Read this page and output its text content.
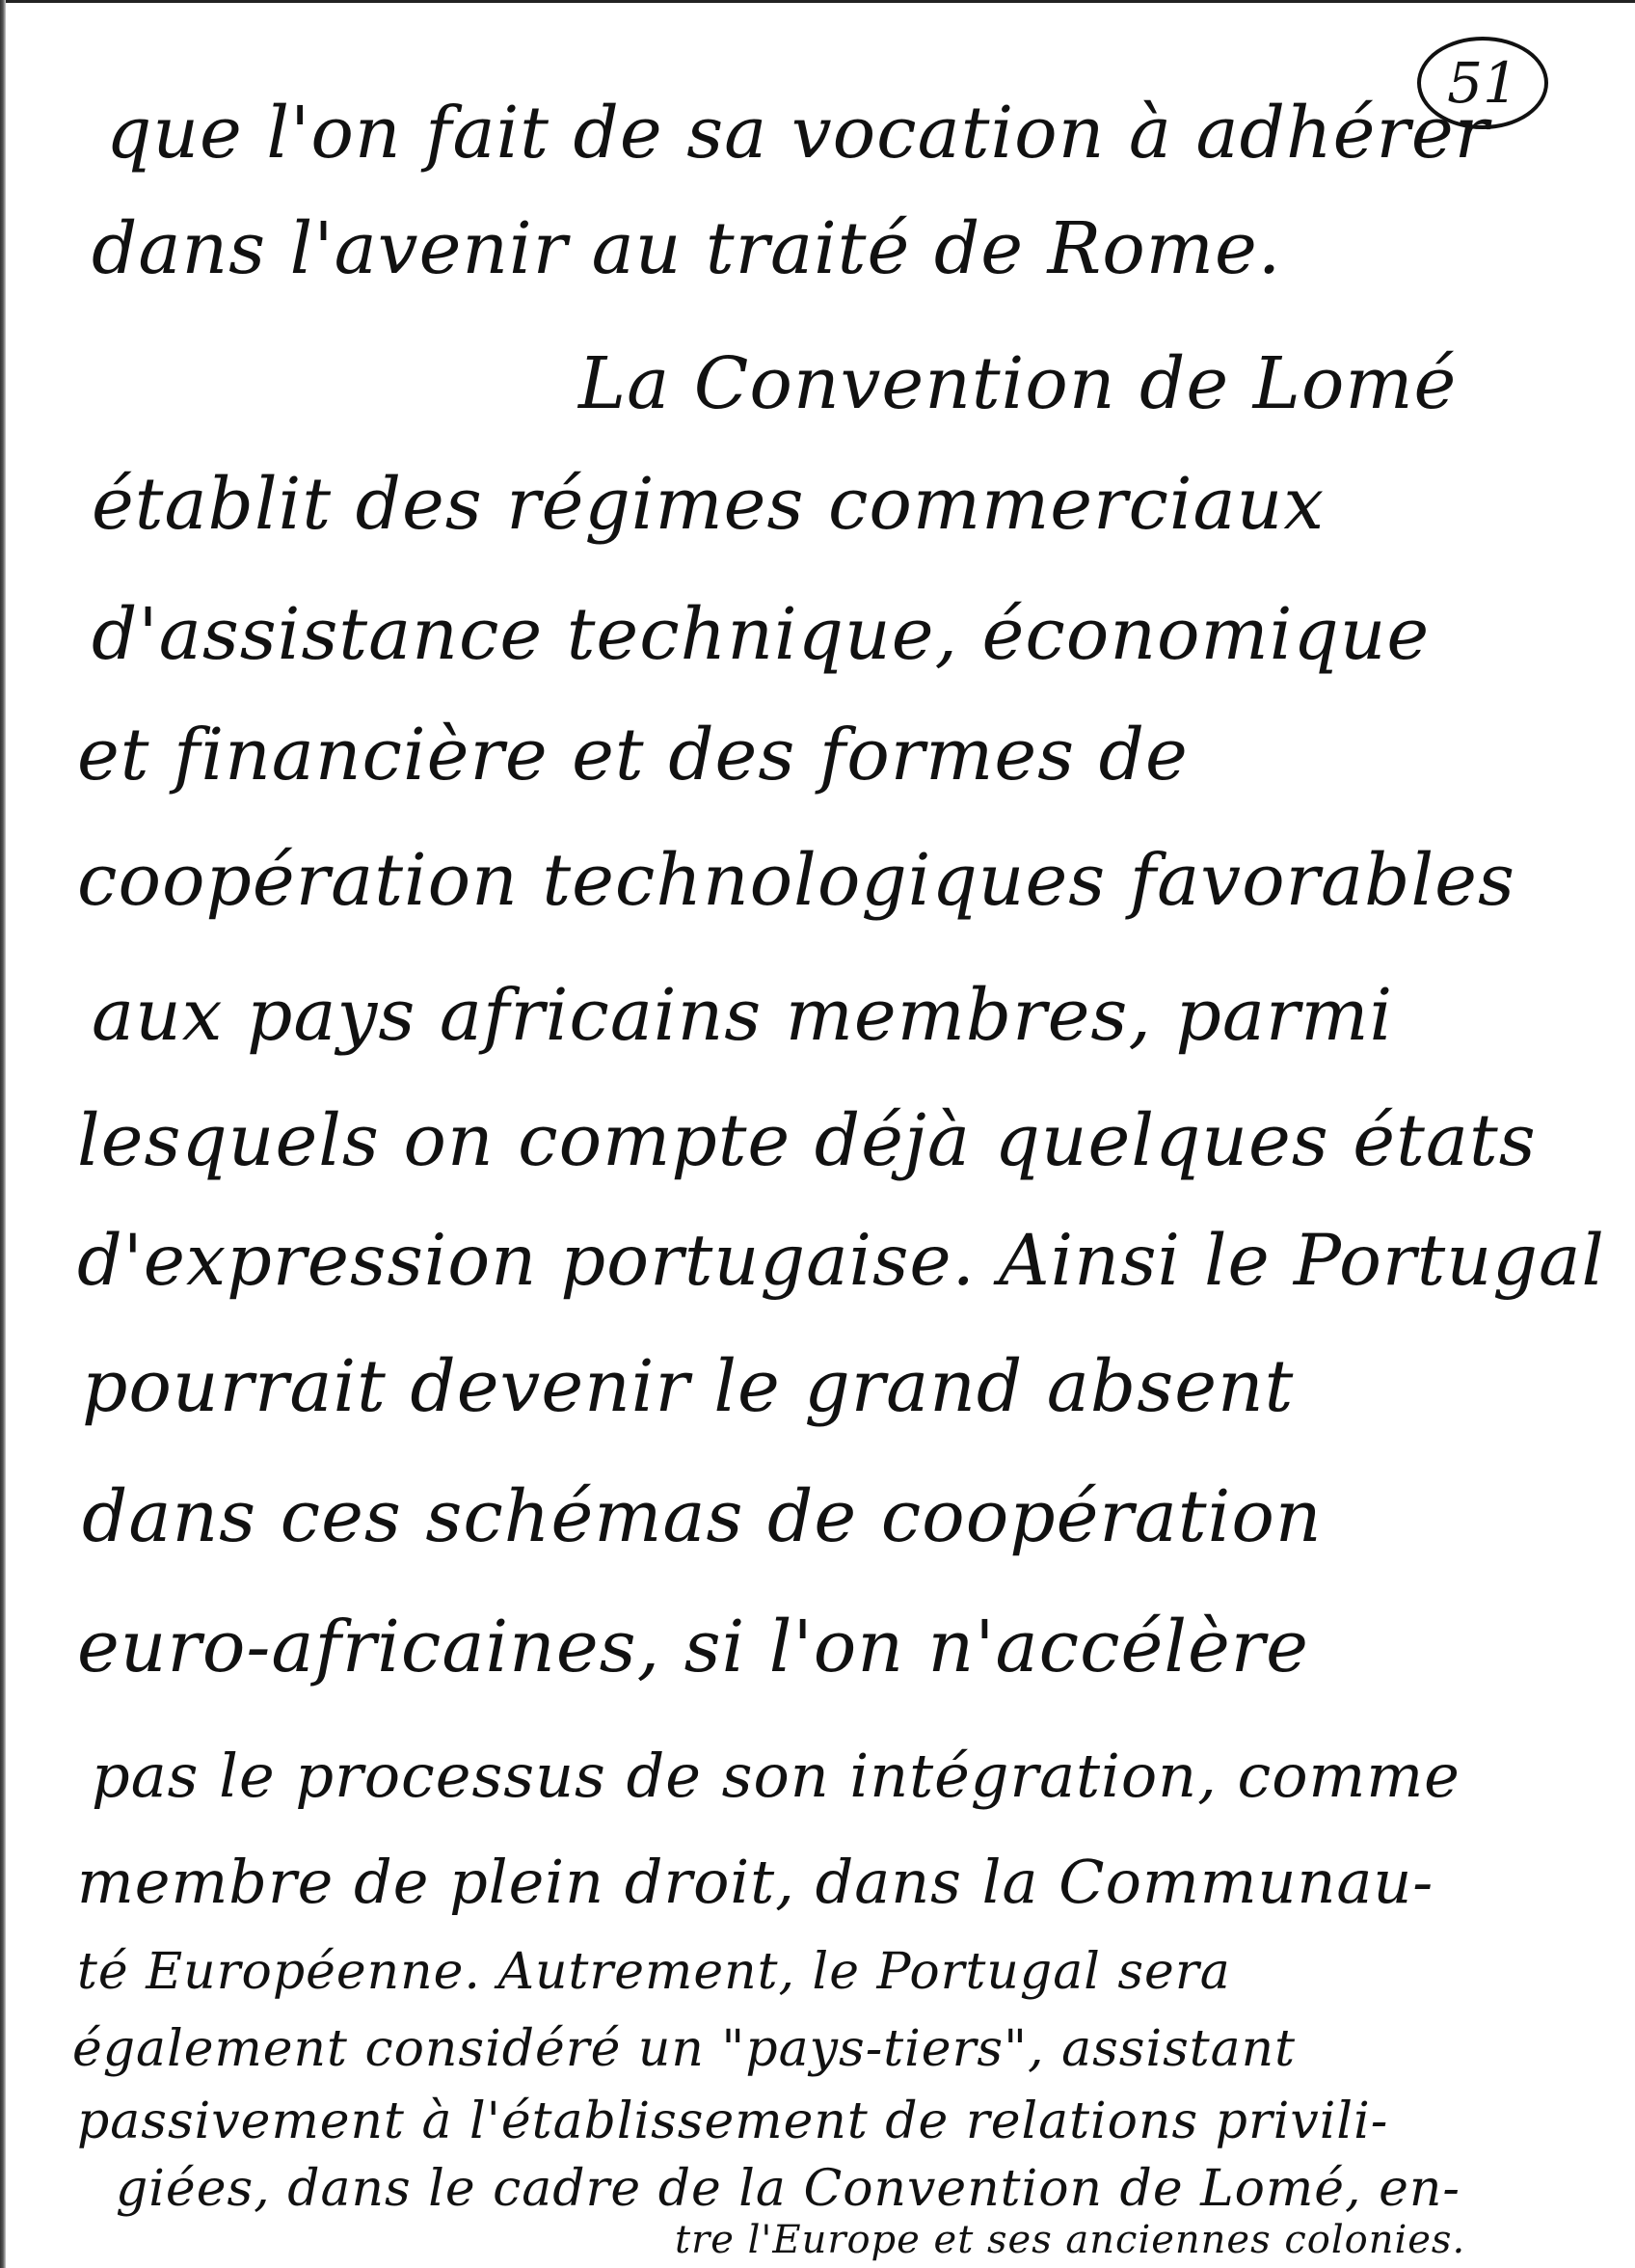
51
que l'on fait de sa vocation à adhérer
dans l'avenir au traité de Rome.
La Convention de Lomé
établit des régimes commerciaux
d'assistance technique, économique
et financière et des formes de
coopération technologiques favorables
aux pays africains membres, parmi
lesquels on compte déjà quelques états
d'expression portugaise. Ainsi le Portugal
pourrait devenir le grand absent
dans ces schémas de coopération
euro-africaines, si l'on n'accélère
pas le processus de son intégration, comme
membre de plein droit, dans la Communau-
té Européenne. Autrement, le Portugal sera
également considéré un "pays-tiers", assistant
passivement à l'établissement de relations privili-
giées, dans le cadre de la Convention de Lomé, en-
tre l'Europe et ses anciennes colonies.
